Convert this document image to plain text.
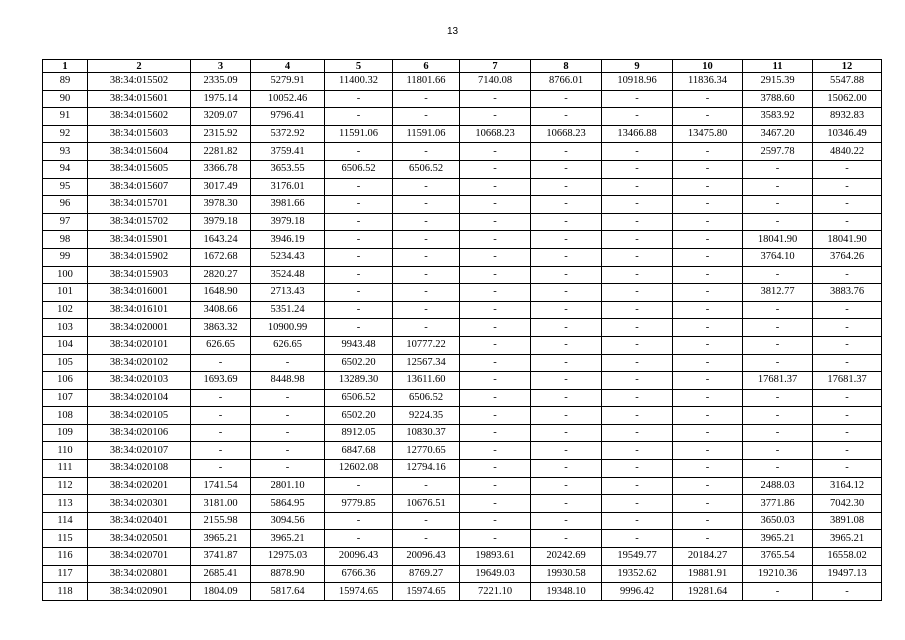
13
1	2	3	4	5	6	7	8	9	10	11	12
89	38:34:015502	2335.09	5279.91	11400.32	11801.66	7140.08	8766.01	10918.96	11836.34	2915.39	5547.88
90	38:34:015601	1975.14	10052.46	-	-	-	-	-	-	3788.60	15062.00
91	38:34:015602	3209.07	9796.41	-	-	-	-	-	-	3583.92	8932.83
92	38:34:015603	2315.92	5372.92	11591.06	11591.06	10668.23	10668.23	13466.88	13475.80	3467.20	10346.49
93	38:34:015604	2281.82	3759.41	-	-	-	-	-	-	2597.78	4840.22
94	38:34:015605	3366.78	3653.55	6506.52	6506.52	-	-	-	-	-	-
95	38:34:015607	3017.49	3176.01	-	-	-	-	-	-	-	-
96	38:34:015701	3978.30	3981.66	-	-	-	-	-	-	-	-
97	38:34:015702	3979.18	3979.18	-	-	-	-	-	-	-	-
98	38:34:015901	1643.24	3946.19	-	-	-	-	-	-	18041.90	18041.90
99	38:34:015902	1672.68	5234.43	-	-	-	-	-	-	3764.10	3764.26
100	38:34:015903	2820.27	3524.48	-	-	-	-	-	-	-	-
101	38:34:016001	1648.90	2713.43	-	-	-	-	-	-	3812.77	3883.76
102	38:34:016101	3408.66	5351.24	-	-	-	-	-	-	-	-
103	38:34:020001	3863.32	10900.99	-	-	-	-	-	-	-	-
104	38:34:020101	626.65	626.65	9943.48	10777.22	-	-	-	-	-	-
105	38:34:020102	-	-	6502.20	12567.34	-	-	-	-	-	-
106	38:34:020103	1693.69	8448.98	13289.30	13611.60	-	-	-	-	17681.37	17681.37
107	38:34:020104	-	-	6506.52	6506.52	-	-	-	-	-	-
108	38:34:020105	-	-	6502.20	9224.35	-	-	-	-	-	-
109	38:34:020106	-	-	8912.05	10830.37	-	-	-	-	-	-
110	38:34:020107	-	-	6847.68	12770.65	-	-	-	-	-	-
111	38:34:020108	-	-	12602.08	12794.16	-	-	-	-	-	-
112	38:34:020201	1741.54	2801.10	-	-	-	-	-	-	2488.03	3164.12
113	38:34:020301	3181.00	5864.95	9779.85	10676.51	-	-	-	-	3771.86	7042.30
114	38:34:020401	2155.98	3094.56	-	-	-	-	-	-	3650.03	3891.08
115	38:34:020501	3965.21	3965.21	-	-	-	-	-	-	3965.21	3965.21
116	38:34:020701	3741.87	12975.03	20096.43	20096.43	19893.61	20242.69	19549.77	20184.27	3765.54	16558.02
117	38:34:020801	2685.41	8878.90	6766.36	8769.27	19649.03	19930.58	19352.62	19881.91	19210.36	19497.13
118	38:34:020901	1804.09	5817.64	15974.65	15974.65	7221.10	19348.10	9996.42	19281.64	-	-
